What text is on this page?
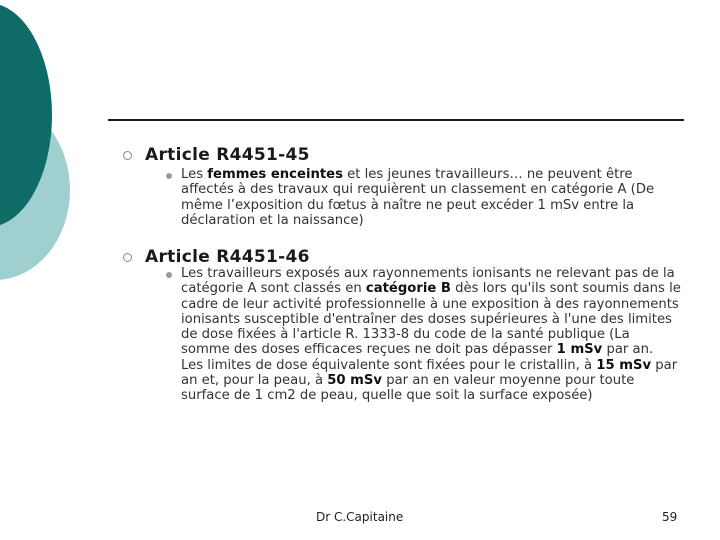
Article R4451-45
Les femmes enceintes et les jeunes travailleurs… ne peuvent être affectés à des travaux qui requièrent un classement en catégorie A (De même l’exposition du fœtus à naître ne peut excéder 1 mSv entre la déclaration et la naissance)
Article R4451-46
Les travailleurs exposés aux rayonnements ionisants ne relevant pas de la catégorie A sont classés en catégorie B dès lors qu'ils sont soumis dans le cadre de leur activité professionnelle à une exposition à des rayonnements ionisants susceptible d'entraîner des doses supérieures à l'une des limites de dose fixées à l'article R. 1333-8 du code de la santé publique (La somme des doses efficaces reçues ne doit pas dépasser 1 mSv par an.
Les limites de dose équivalente sont fixées pour le cristallin, à 15 mSv par an et, pour la peau, à 50 mSv par an en valeur moyenne pour toute surface de 1 cm2 de peau, quelle que soit la surface exposée)
Dr C.Capitaine	59
